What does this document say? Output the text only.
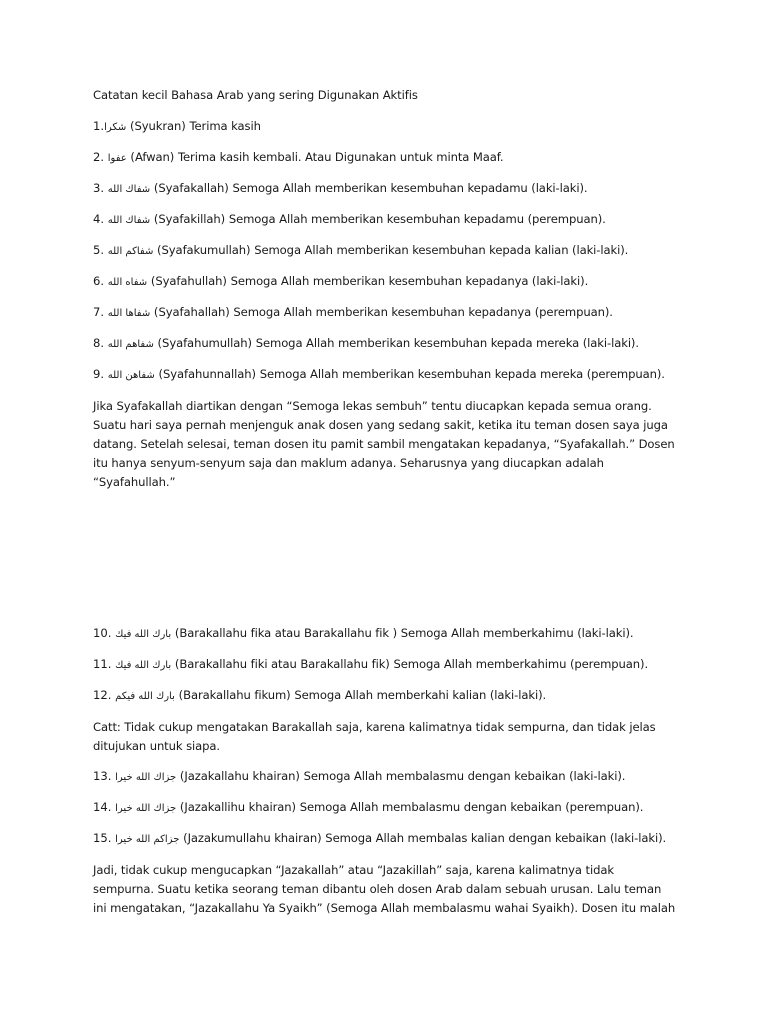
Catatan kecil Bahasa Arab yang sering Digunakan Aktifis

1.شكرا (Syukran) Terima kasih

2. عفوا (Afwan) Terima kasih kembali. Atau Digunakan untuk minta Maaf.

3. شفاك الله (Syafakallah) Semoga Allah memberikan kesembuhan kepadamu (laki-laki).

4. شفاك الله (Syafakillah) Semoga Allah memberikan kesembuhan kepadamu (perempuan).

5. شفاكم الله (Syafakumullah) Semoga Allah memberikan kesembuhan kepada kalian (laki-laki).

6. شفاه الله (Syafahullah) Semoga Allah memberikan kesembuhan kepadanya (laki-laki).

7. شفاها الله (Syafahallah) Semoga Allah memberikan kesembuhan kepadanya (perempuan).

8. شفاهم الله (Syafahumullah) Semoga Allah memberikan kesembuhan kepada mereka (laki-laki).

9. شفاهن الله (Syafahunnallah) Semoga Allah memberikan kesembuhan kepada mereka (perempuan).

Jika Syafakallah diartikan dengan “Semoga lekas sembuh” tentu diucapkan kepada semua orang.
Suatu hari saya pernah menjenguk anak dosen yang sedang sakit, ketika itu teman dosen saya juga
datang. Setelah selesai, teman dosen itu pamit sambil mengatakan kepadanya, “Syafakallah.” Dosen
itu hanya senyum-senyum saja dan maklum adanya. Seharusnya yang diucapkan adalah
“Syafahullah.”

10. بارك الله فيك (Barakallahu fika atau Barakallahu fik ) Semoga Allah memberkahimu (laki-laki).

11. بارك الله فيك (Barakallahu fiki atau Barakallahu fik) Semoga Allah memberkahimu (perempuan).

12. بارك الله فيكم (Barakallahu fikum) Semoga Allah memberkahi kalian (laki-laki).

Catt: Tidak cukup mengatakan Barakallah saja, karena kalimatnya tidak sempurna, dan tidak jelas
ditujukan untuk siapa.

13. جزاك الله خيرا (Jazakallahu khairan) Semoga Allah membalasmu dengan kebaikan (laki-laki).

14. جزاك الله خيرا (Jazakallihu khairan) Semoga Allah membalasmu dengan kebaikan (perempuan).

15. جزاكم الله خيرا (Jazakumullahu khairan) Semoga Allah membalas kalian dengan kebaikan (laki-laki).

Jadi, tidak cukup mengucapkan “Jazakallah” atau “Jazakillah” saja, karena kalimatnya tidak
sempurna. Suatu ketika seorang teman dibantu oleh dosen Arab dalam sebuah urusan. Lalu teman
ini mengatakan, “Jazakallahu Ya Syaikh” (Semoga Allah membalasmu wahai Syaikh). Dosen itu malah
